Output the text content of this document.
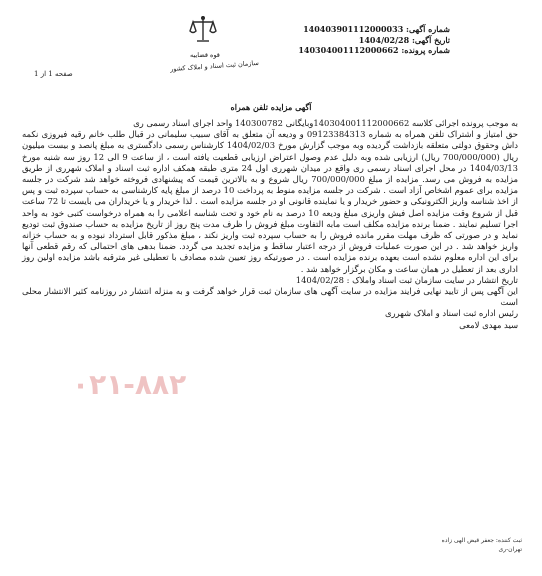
قوه قضاییه
سازمان ثبت اسناد و املاک کشور
صفحه 1 از 1
شماره آگهی: 140403901112000033
تاریخ آگهی: 1404/02/28
شماره پرونده: 140304001112000662
آگهی مزایده تلفن همراه
۰۲۱-۸۸۲

به موجب پرونده اجرائی کلاسه 140304001112000662وبایگانی 140300782 واحد اجرای اسناد رسمی ری

حق امتیاز و اشتراک تلفن همراه به شماره 09123384313 و ودیعه آن متعلق به آقای سبیب سلیمانی در قبال طلب خانم رقیه فیروزی نکمه داش وحقوق دولتی متعلقه بازداشت گردیده وبه موجب گزارش مورخ 1404/02/03 کارشناس رسمی دادگستری به مبلغ پانصد و بیست میلیون ریال (700/000/000 ریال) ارزیابی شده وبه دلیل عدم وصول اعتراض ارزیابی قطعیت یافته است ، از ساعت 9 الی 12 روز سه شنبه مورخ 1404/03/13 در محل اجرای اسناد رسمی ری واقع در میدان شهرری اول 24 متری طبقه همکف اداره ثبت اسناد و املاک شهرری از طریق مزایده به فروش می رسد. مزایده از مبلغ 700/000/000 ریال شروع و به بالاترین قیمت که پیشنهادی فروخته خواهد شد شرکت در جلسه مزایده برای عموم اشخاص آزاد است . شرکت در جلسه مزایده منوط به پرداخت 10 درصد از مبلغ پایه کارشناسی به حساب سپرده ثبت و پس از اخذ شناسه واریز الکترونیکی و حضور خریدار و یا نماینده قانونی او در جلسه مزایده است . لذا خریدار و یا خریداران می بایست تا 72 ساعت قبل از شروع وقت مزایده اصل فیش واریزی مبلغ ودیعه 10 درصد به نام خود و تحت شناسه اعلامی را به همراه درخواست کتبی خود به واحد اجرا تسلیم نمایند . ضمنا برنده مزایده مکلف است مابه التفاوت مبلغ فروش را ظرف مدت پنج روز از تاریخ مزایده به حساب صندوق ثبت تودیع نماید و در صورتی که ظرف مهلت مقرر مانده فروش را به حساب سپرده ثبت واریز نکند ، مبلغ مذکور قابل استرداد نبوده و به حساب خزانه واریز خواهد شد . در این صورت عملیات فروش از درجه اعتبار ساقط و مزایده تجدید می گردد. ضمنا بدهی های احتمالی که رقم قطعی آنها برای این اداره معلوم نشده است بعهده برنده مزایده است . در صورتیکه روز تعیین شده مصادف با تعطیلی غیر مترقبه باشد مزایده اولین روز اداری بعد از تعطیل در همان ساعت و مکان برگزار خواهد شد .

تاریخ انتشار در سایت سازمان ثبت اسناد واملاک : 1404/02/28

این آگهی پس از تایید نهایی فرایند مزایده در سایت آگهی های سازمان ثبت قرار خواهد گرفت و به منزله انتشار در روزنامه کثیر الانتشار محلی است

رئیس اداره ثبت اسناد و املاک شهرری

سید مهدی لامعی

ثبت کننده: جعفر قیض الهی زاده
تهران-ری
